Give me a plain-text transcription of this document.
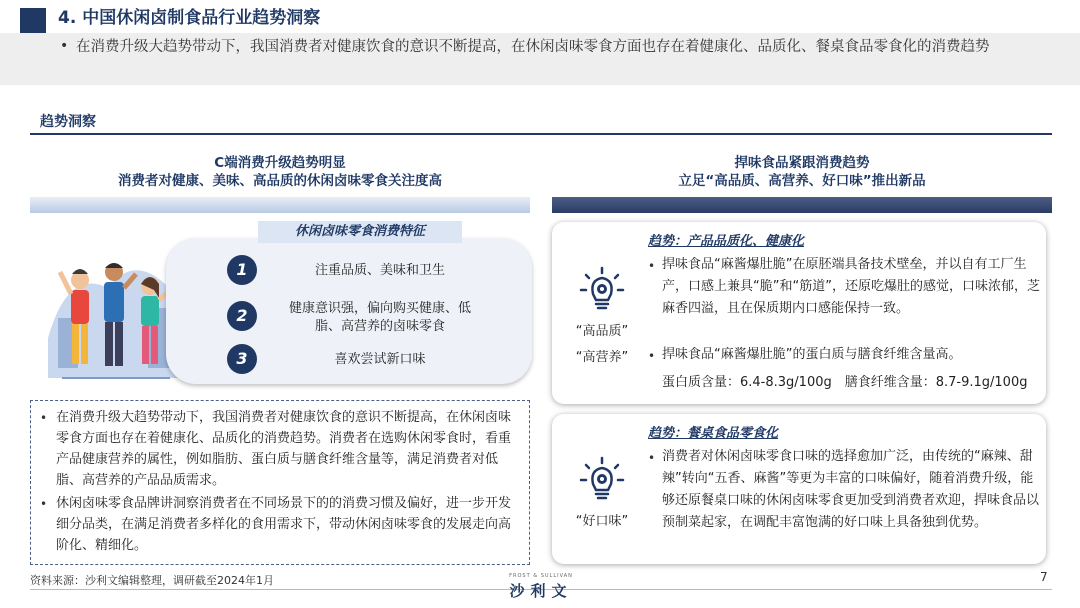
4. 中国休闲卤制食品行业趋势洞察
• 在消费升级大趋势带动下，我国消费者对健康饮食的意识不断提高，在休闲卤味零食方面也存在着健康化、品质化、餐桌食品零食化的消费趋势
趋势洞察
C端消费升级趋势明显
消费者对健康、美味、高品质的休闲卤味零食关注度高
休闲卤味零食消费特征
1	注重品质、美味和卫生
2	健康意识强，偏向购买健康、低脂、高营养的卤味零食
3	喜欢尝试新口味
• 在消费升级大趋势带动下，我国消费者对健康饮食的意识不断提高，在休闲卤味零食方面也存在着健康化、品质化的消费趋势。消费者在选购休闲零食时，看重产品健康营养的属性，例如脂肪、蛋白质与膳食纤维含量等，满足消费者对低脂、高营养的产品品质需求。
• 休闲卤味零食品牌讲洞察消费者在不同场景下的的消费习惯及偏好，进一步开发细分品类，在满足消费者多样化的食用需求下，带动休闲卤味零食的发展走向高阶化、精细化。
捍味食品紧跟消费趋势
立足“高品质、高营养、好口味”推出新品
趋势：产品品质化、健康化
“高品质”
“高营养”
• 捍味食品“麻酱爆肚脆”在原胚端具备技术壁垒，并以自有工厂生产，口感上兼具“脆”和“筋道”，还原吃爆肚的感觉，口味浓郁，芝麻香四溢，且在保质期内口感能保持一致。
• 捍味食品“麻酱爆肚脆”的蛋白质与膳食纤维含量高。
蛋白质含量：6.4-8.3g/100g　膳食纤维含量：8.7-9.1g/100g
趋势：餐桌食品零食化
“好口味”
• 消费者对休闲卤味零食口味的选择愈加广泛，由传统的“麻辣、甜辣”转向“五香、麻酱”等更为丰富的口味偏好，随着消费升级，能够还原餐桌口味的休闲卤味零食更加受到消费者欢迎，捍味食品以预制菜起家，在调配丰富饱满的好口味上具备独到优势。
资料来源：沙利文编辑整理，调研截至2024年1月	FROST & SULLIVAN
沙利文
7
